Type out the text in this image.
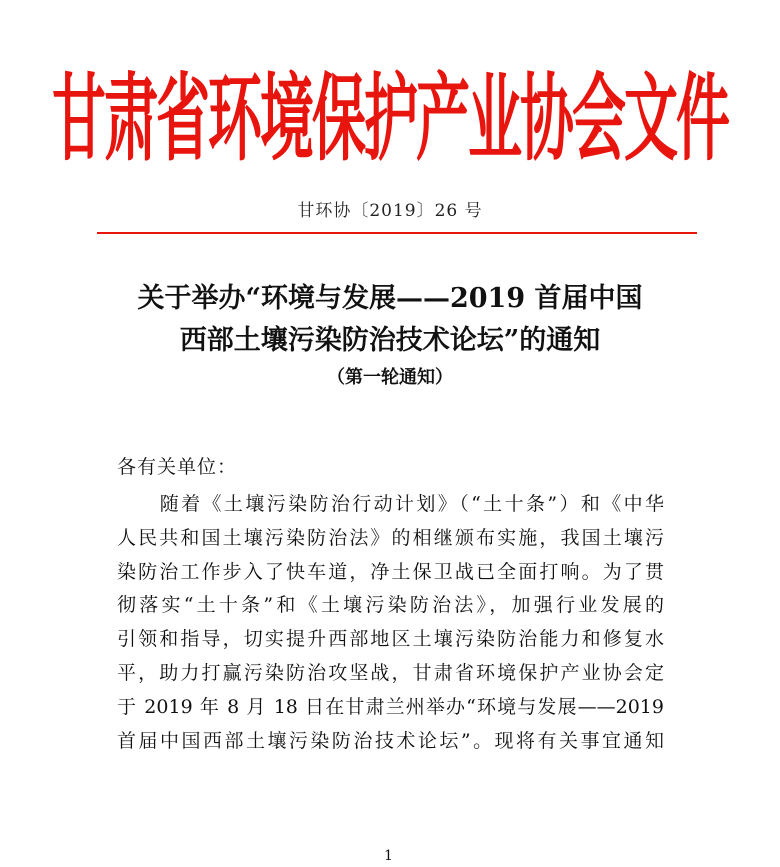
甘肃省环境保护产业协会文件
甘环协〔2019〕26 号
关于举办“环境与发展——2019 首届中国
西部土壤污染防治技术论坛”的通知
（第一轮通知）
各有关单位：
　　随着《土壤污染防治行动计划》（“土十条”）和《中华
人民共和国土壤污染防治法》的相继颁布实施，我国土壤污
染防治工作步入了快车道，净土保卫战已全面打响。为了贯
彻落实“土十条”和《土壤污染防治法》，加强行业发展的
引领和指导，切实提升西部地区土壤污染防治能力和修复水
平，助力打赢污染防治攻坚战，甘肃省环境保护产业协会定
于 2019 年 8 月 18 日在甘肃兰州举办“环境与发展——2019
首届中国西部土壤污染防治技术论坛”。现将有关事宜通知
1
